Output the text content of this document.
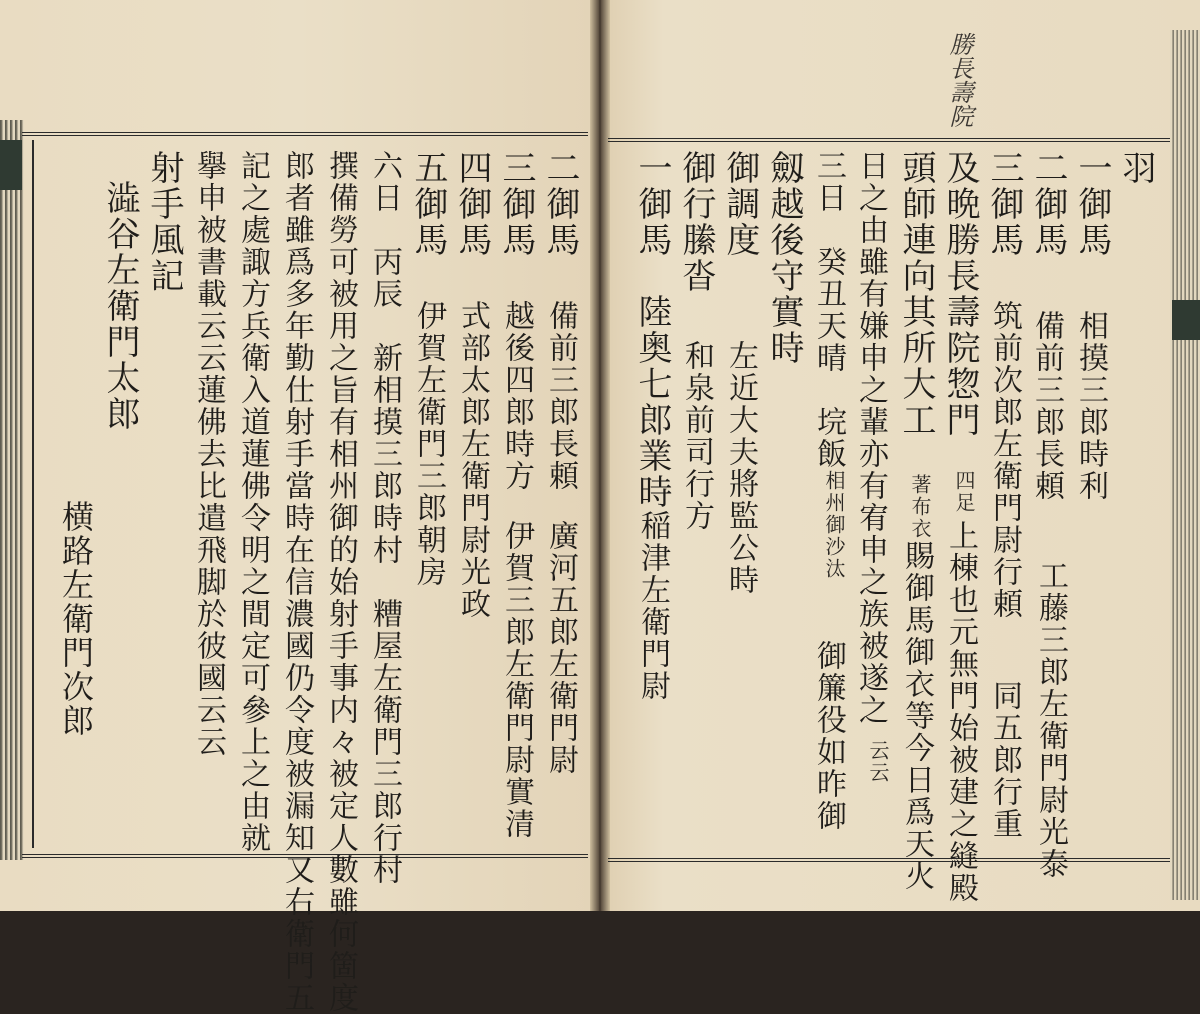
勝長壽院
羽
一御馬
相摸三郎時利
工藤三郎左衛門尉光泰
二御馬
備前三郎長頼
三御馬
筑前次郎左衛門尉行頼
同五郎行重
及晩勝長壽院惣門
四足
上棟也元無門始被建之縫殿
頭師連向其所大工
著布衣
賜御馬御衣等今日爲天火
日之由雖有嫌申之輩亦有宥申之族被遂之
云云
三日　癸丑天晴　垸飯
相州御沙汰
御簾役如昨御
劔越後守實時
御調度
左近大夫將監公時
御行縢沓
和泉前司行方
一御馬　陸奥七郎業時
稲津左衛門尉
二御馬
備前三郎長頼
廣河五郎左衛門尉
三御馬
越後四郎時方
伊賀三郎左衛門尉實清
四御馬
式部太郎左衛門尉光政
五御馬
伊賀左衛門三郎朝房
六日　丙辰　新相摸三郎時村　糟屋左衛門三郎行村
撰備勞可被用之旨有相州御的始射手事内々被定人數雖何箇度
郎者雖爲多年勤仕射手當時在信濃國仍令度被漏知又右衛門五
記之處諏方兵衛入道蓮佛令明之間定可參上之由就
擧申被書載云云蓮佛去比遣飛脚於彼國云云
射手風記
澁谷左衛門太郎
横路左衛門次郎
